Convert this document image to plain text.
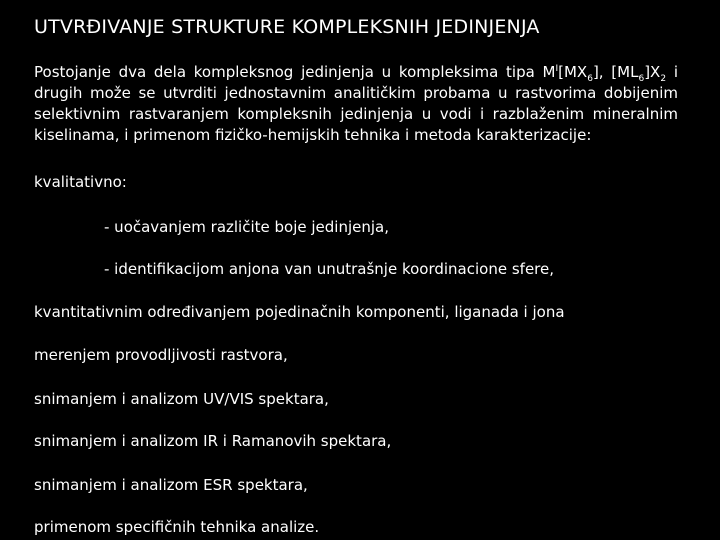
UTVRĐIVANJE STRUKTURE KOMPLEKSNIH JEDINJENJA
Postojanje dva dela kompleksnog jedinjenja u kompleksima tipa $M^I[MX_6]$, $[ML_6]X_2$ i drugih može se utvrditi jednostavnim analitičkim probama u rastvorima dobijenim selektivnim rastvaranjem kompleksnih jedinjenja u vodi i razblaženim mineralnim kiselinama, i primenom fizičko-hemijskih tehnika i metoda karakterizacije:
kvalitativno:
- uočavanjem različite boje jedinjenja,
- identifikacijom anjona van unutrašnje koordinacione sfere,
kvantitativnim određivanjem pojedinačnih komponenti, liganada i jona
merenjem provodljivosti rastvora,
snimanjem i analizom UV/VIS spektara,
snimanjem i analizom IR i Ramanovih spektara,
snimanjem i analizom ESR spektara,
primenom specifičnih tehnika analize.
